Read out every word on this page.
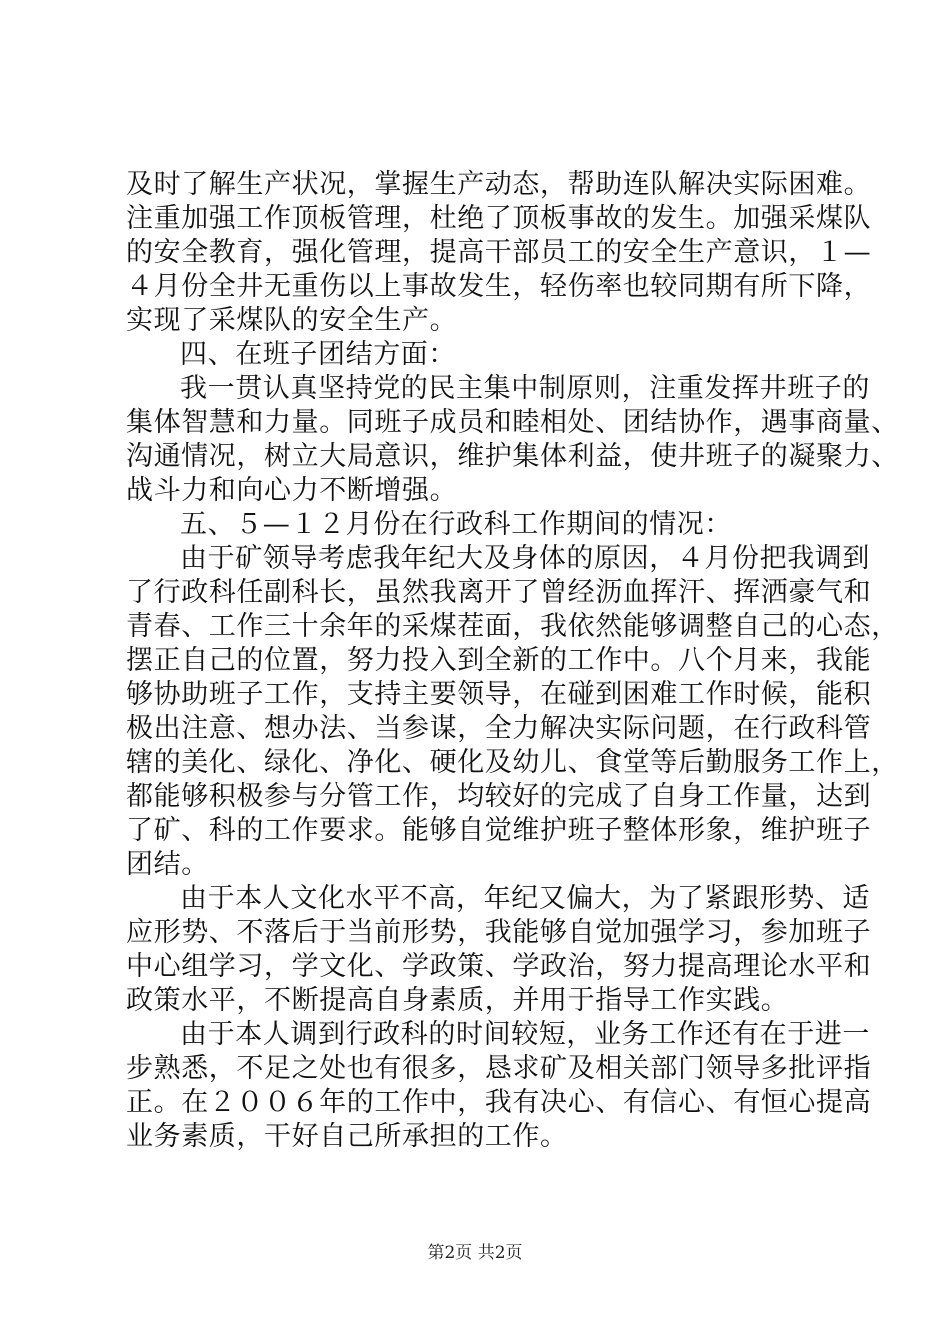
及时了解生产状况，掌握生产动态，帮助连队解决实际困难。
注重加强工作顶板管理，杜绝了顶板事故的发生。加强采煤队
的安全教育，强化管理，提高干部员工的安全生产意识，１—
４月份全井无重伤以上事故发生，轻伤率也较同期有所下降，
实现了采煤队的安全生产。
四、在班子团结方面：
我一贯认真坚持党的民主集中制原则，注重发挥井班子的
集体智慧和力量。同班子成员和睦相处、团结协作，遇事商量、
沟通情况，树立大局意识，维护集体利益，使井班子的凝聚力、
战斗力和向心力不断增强。
五、５—１２月份在行政科工作期间的情况：
由于矿领导考虑我年纪大及身体的原因，４月份把我调到
了行政科任副科长，虽然我离开了曾经沥血挥汗、挥洒豪气和
青春、工作三十余年的采煤茬面，我依然能够调整自己的心态，
摆正自己的位置，努力投入到全新的工作中。八个月来，我能
够协助班子工作，支持主要领导，在碰到困难工作时候，能积
极出注意、想办法、当参谋，全力解决实际问题，在行政科管
辖的美化、绿化、净化、硬化及幼儿、食堂等后勤服务工作上，
都能够积极参与分管工作，均较好的完成了自身工作量，达到
了矿、科的工作要求。能够自觉维护班子整体形象，维护班子
团结。
由于本人文化水平不高，年纪又偏大，为了紧跟形势、适
应形势、不落后于当前形势，我能够自觉加强学习，参加班子
中心组学习，学文化、学政策、学政治，努力提高理论水平和
政策水平，不断提高自身素质，并用于指导工作实践。
由于本人调到行政科的时间较短，业务工作还有在于进一
步熟悉，不足之处也有很多，恳求矿及相关部门领导多批评指
正。在２００６年的工作中，我有决心、有信心、有恒心提高
业务素质，干好自己所承担的工作。
第2页 共2页
